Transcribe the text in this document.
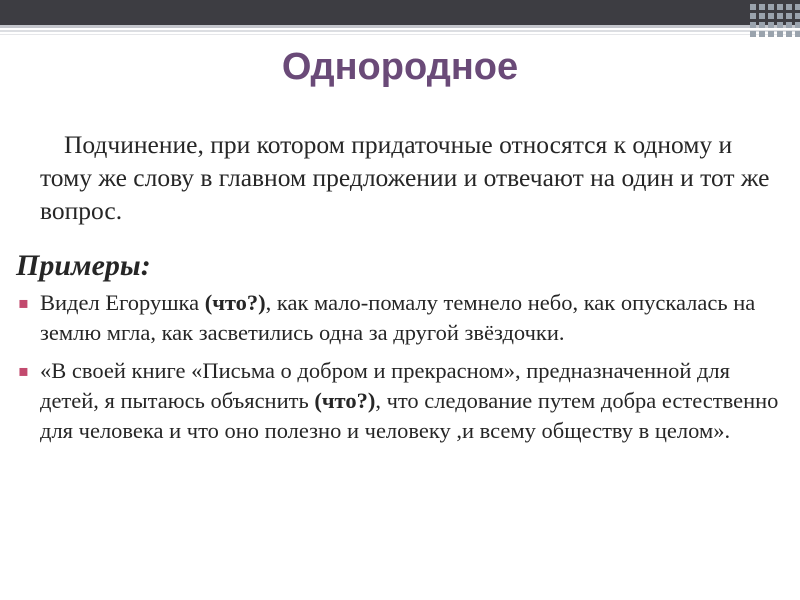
Однородное

Подчинение, при котором придаточные относятся к одному и тому же слову в главном предложении и отвечают на один и тот же вопрос.

Примеры:

▪ Видел Егорушка (что?), как мало-помалу темнело небо, как опускалась на землю мгла, как засветились одна за другой звёздочки.
▪ «В своей книге «Письма о добром и прекрасном», предназначенной для детей, я пытаюсь объяснить (что?), что следование путем добра естественно для человека и что оно полезно и человеку ,и всему обществу в целом».
